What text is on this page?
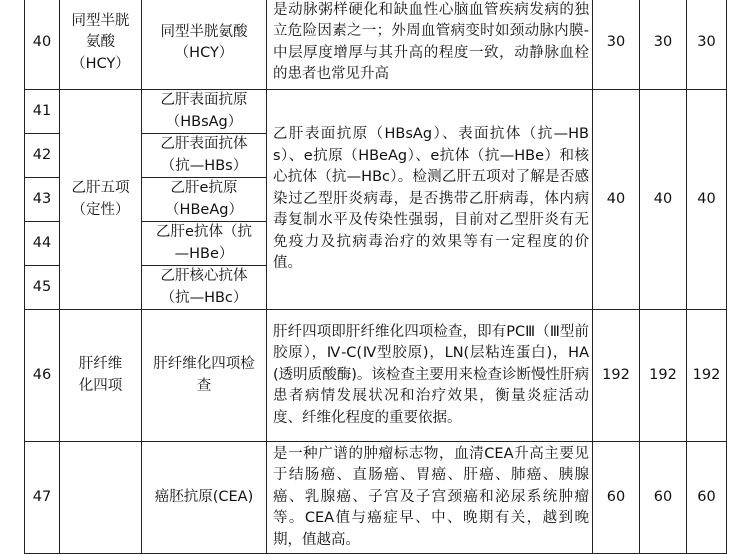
40	同型半胱氨酸（HCY）	同型半胱氨酸（HCY）	是动脉粥样硬化和缺血性心脑血管疾病发病的独立危险因素之一；外周血管病变时如颈动脉内膜-中层厚度增厚与其升高的程度一致，动静脉血栓的患者也常见升高	30	30	30
41	乙肝五项（定性）	乙肝表面抗原（HBsAg）	乙肝表面抗原（HBsAg）、表面抗体（抗—HBs）、e抗原（HBeAg）、e抗体（抗—HBe）和核心抗体（抗—HBc）。检测乙肝五项对了解是否感染过乙型肝炎病毒，是否携带乙肝病毒，体内病毒复制水平及传染性强弱，目前对乙型肝炎有无免疫力及抗病毒治疗的效果等有一定程度的价值。	40	40	40
42		乙肝表面抗体（抗—HBs）				
43		乙肝e抗原（HBeAg）				
44		乙肝e抗体（抗—HBe）				
45		乙肝核心抗体（抗—HBc）				
46	肝纤维化四项	肝纤维化四项检查	肝纤四项即肝纤维化四项检查，即有PCⅢ（Ⅲ型前胶原），Ⅳ-C(Ⅳ型胶原)，LN(层粘连蛋白)，HA(透明质酸酶)。该检查主要用来检查诊断慢性肝病患者病情发展状况和治疗效果，衡量炎症活动度、纤维化程度的重要依据。	192	192	192
47		癌胚抗原(CEA)	是一种广谱的肿瘤标志物，血清CEA升高主要见于结肠癌、直肠癌、胃癌、肝癌、肺癌、胰腺癌、乳腺癌、子宫及子宫颈癌和泌尿系统肿瘤等。CEA值与癌症早、中、晚期有关，越到晚期，值越高。	60	60	60
